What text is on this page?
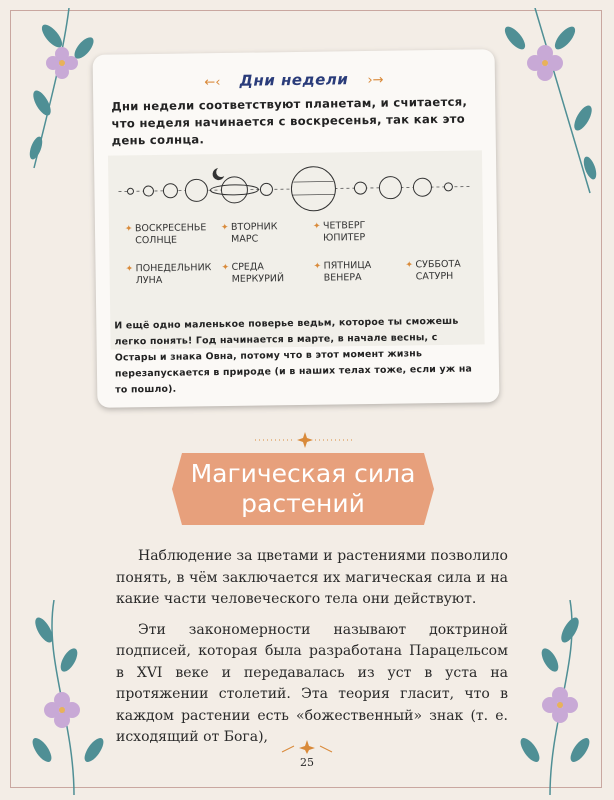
←‹ Дни недели ›→
Дни недели соответствуют планетам, и считается, что неделя начинается с воскресенья, так как это день солнца.
✦ ВОСКРЕСЕНЬЕ
СОЛНЦЕ
✦ ВТОРНИК
МАРС
✦ ЧЕТВЕРГ
ЮПИТЕР
✦ ПОНЕДЕЛЬНИК
ЛУНА
✦ СРЕДА
МЕРКУРИЙ
✦ ПЯТНИЦА
ВЕНЕРА
✦ СУББОТА
САТУРН
И ещё одно маленькое поверье ведьм, которое ты сможешь легко понять! Год начинается в марте, в начале весны, с Остары и знака Овна, потому что в этот момент жизнь перезапускается в природе (и в наших телах тоже, если уж на то пошло).
Магическая сила
растений

Наблюдение за цветами и растениями позволило понять, в чём заключается их магическая сила и на какие части человеческого тела они действуют.

Эти закономерности называют доктриной подписей, которая была разработана Парацельсом в XVI веке и передавалась из уст в уста на протяжении столетий. Эта теория гласит, что в каждом растении есть «божественный» знак (т. е. исходящий от Бога),

25
